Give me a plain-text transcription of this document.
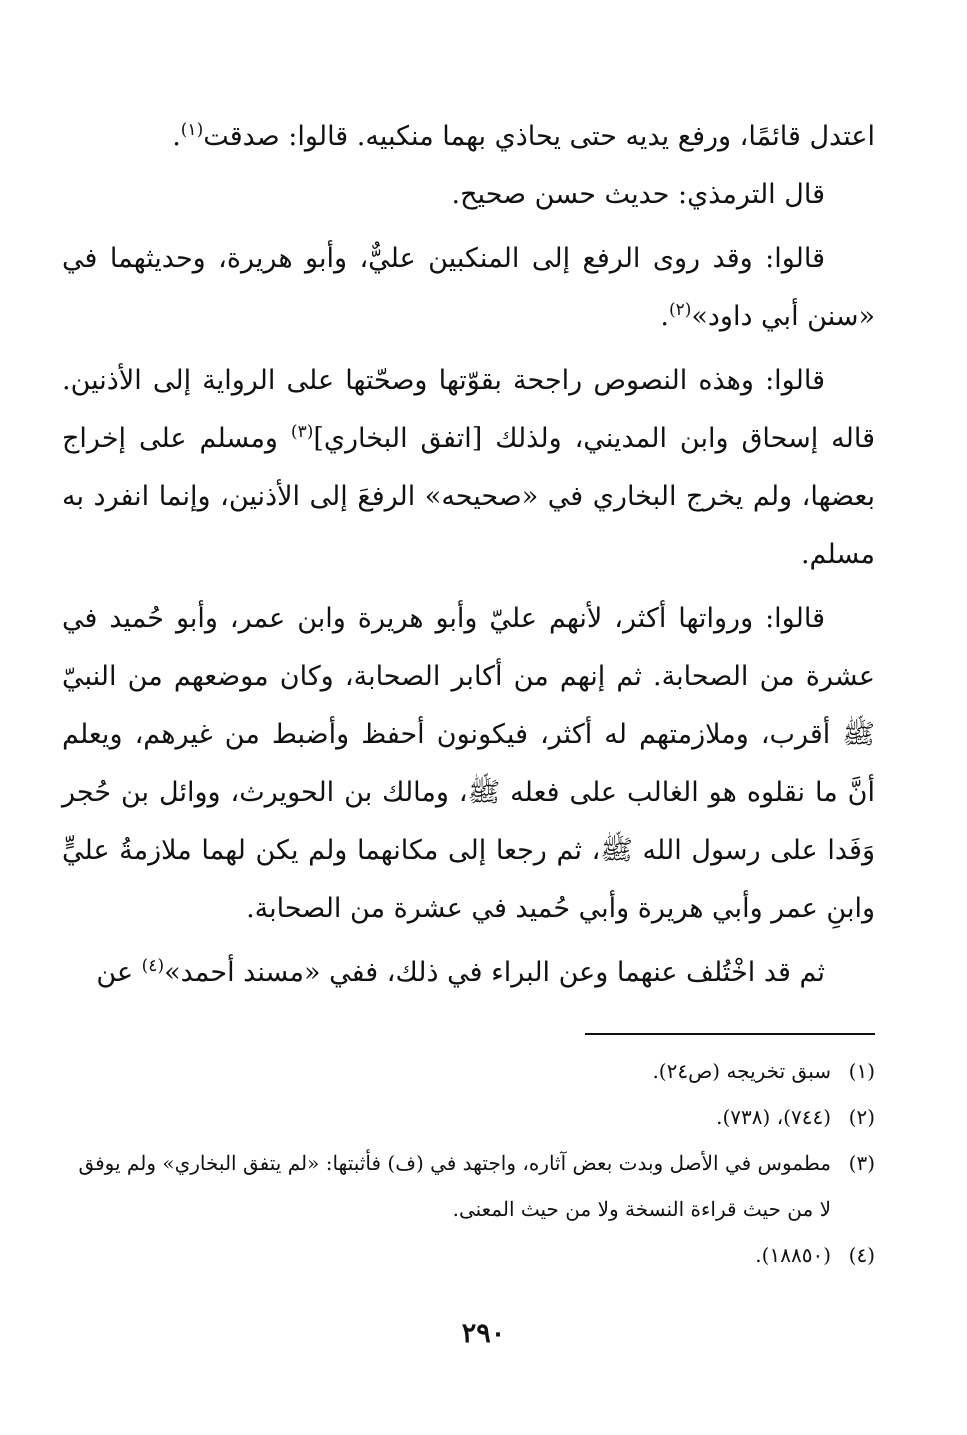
اعتدل قائمًا، ورفع يديه حتى يحاذي بهما منكبيه. قالوا: صدقت$^{(١)}$.

قال الترمذي: حديث حسن صحيح.

قالوا: وقد روى الرفع إلى المنكبين عليٌّ، وأبو هريرة، وحديثهما في «سنن أبي داود»$^{(٢)}$.

قالوا: وهذه النصوص راجحة بقوّتها وصحّتها على الرواية إلى الأذنين. قاله إسحاق وابن المديني، ولذلك [اتفق البخاري]$^{(٣)}$ ومسلم على إخراج بعضها، ولم يخرج البخاري في «صحيحه» الرفعَ إلى الأذنين، وإنما انفرد به مسلم.

قالوا: ورواتها أكثر، لأنهم عليّ وأبو هريرة وابن عمر، وأبو حُميد في عشرة من الصحابة. ثم إنهم من أكابر الصحابة، وكان موضعهم من النبيّ ﷺ أقرب، وملازمتهم له أكثر، فيكونون أحفظ وأضبط من غيرهم، ويعلم أنَّ ما نقلوه هو الغالب على فعله ﷺ، ومالك بن الحويرث، ووائل بن حُجر وَفَدا على رسول الله ﷺ، ثم رجعا إلى مكانهما ولم يكن لهما ملازمةُ عليٍّ وابنِ عمر وأبي هريرة وأبي حُميد في عشرة من الصحابة.

ثم قد اخْتُلف عنهما وعن البراء في ذلك، ففي «مسند أحمد»$^{(٤)}$ عن

(١)
سبق تخريجه (ص٢٤).
(٢)
(٧٤٤)، (٧٣٨).
(٣)
مطموس في الأصل وبدت بعض آثاره، واجتهد في (ف) فأثبتها: «لم يتفق البخاري» ولم يوفق لا من حيث قراءة النسخة ولا من حيث المعنى.
(٤)
(١٨٨٥٠).
٢٩٠
